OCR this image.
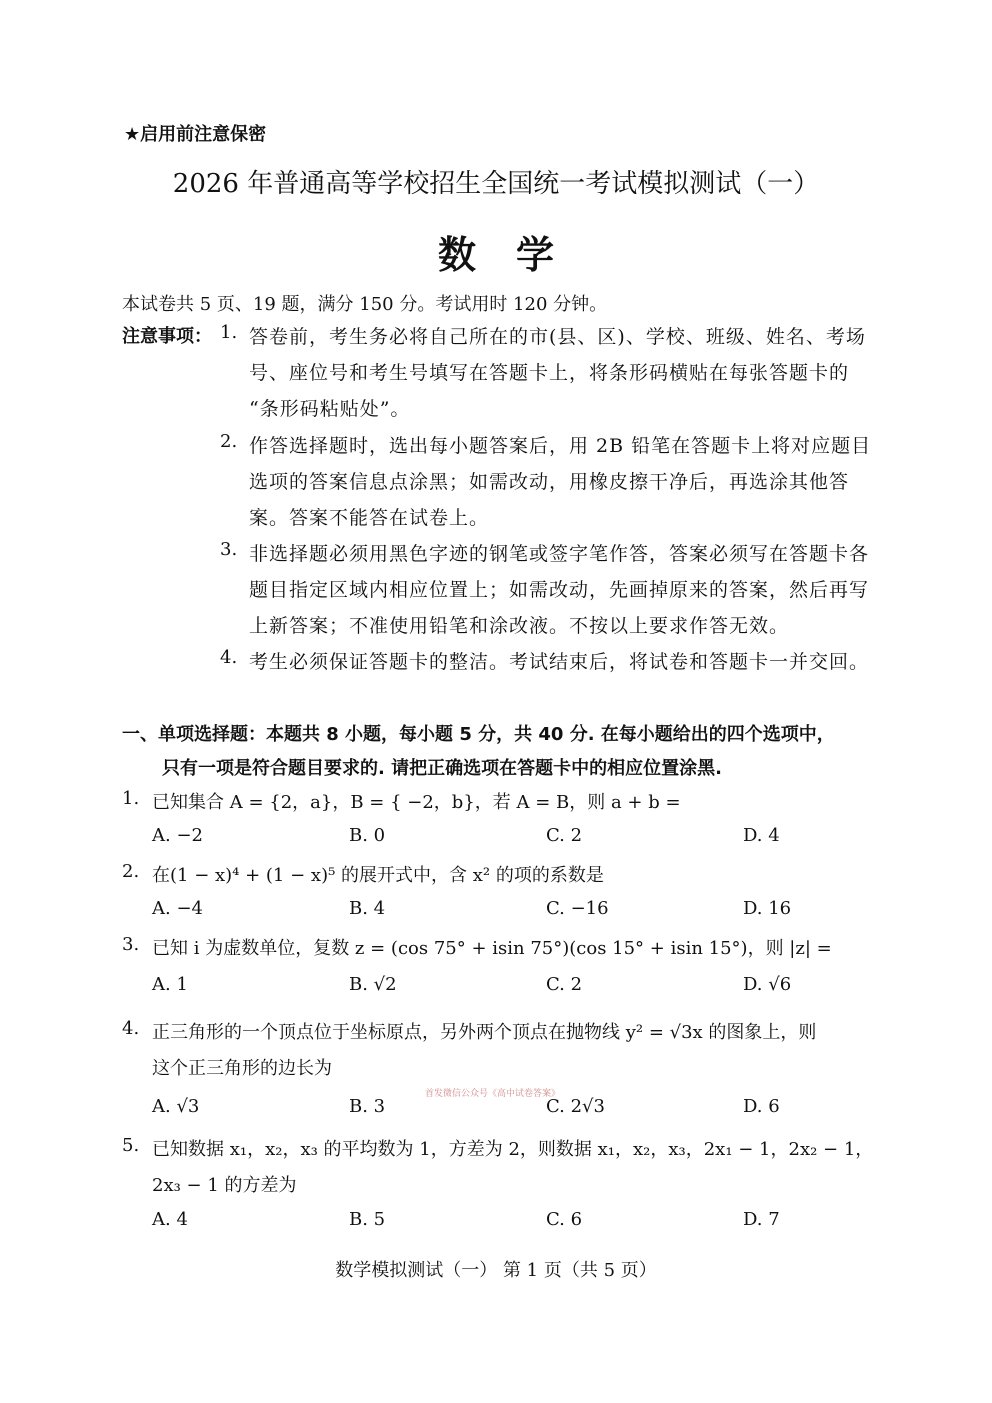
★启用前注意保密
2026 年普通高等学校招生全国统一考试模拟测试（一）
数学
本试卷共 5 页、19 题，满分 150 分。考试用时 120 分钟。
注意事项： 1. 答卷前，考生务必将自己所在的市(县、区)、学校、班级、姓名、考场
号、座位号和考生号填写在答题卡上，将条形码横贴在每张答题卡的
“条形码粘贴处”。
2. 作答选择题时，选出每小题答案后，用 2B 铅笔在答题卡上将对应题目
选项的答案信息点涂黑；如需改动，用橡皮擦干净后，再选涂其他答
案。答案不能答在试卷上。
3. 非选择题必须用黑色字迹的钢笔或签字笔作答，答案必须写在答题卡各
题目指定区域内相应位置上；如需改动，先画掉原来的答案，然后再写
上新答案；不准使用铅笔和涂改液。不按以上要求作答无效。
4. 考生必须保证答题卡的整洁。考试结束后，将试卷和答题卡一并交回。
一、单项选择题：本题共 8 小题，每小题 5 分，共 40 分. 在每小题给出的四个选项中，
只有一项是符合题目要求的. 请把正确选项在答题卡中的相应位置涂黑.
1. 已知集合 A = {2，a}，B = { −2，b}，若 A = B，则 a + b =
A. −2	B. 0	C. 2	D. 4
2. 在(1 − x)⁴ + (1 − x)⁵ 的展开式中，含 x² 的项的系数是
A. −4	B. 4	C. −16	D. 16
3. 已知 i 为虚数单位，复数 z = (cos 75° + isin 75°)(cos 15° + isin 15°)，则 |z| =
A. 1	B. √2	C. 2	D. √6
4. 正三角形的一个顶点位于坐标原点，另外两个顶点在抛物线 y² = √3x 的图象上，则
这个正三角形的边长为
首发微信公众号《高中试卷答案》
A. √3	B. 3	C. 2√3	D. 6
5. 已知数据 x₁，x₂，x₃ 的平均数为 1，方差为 2，则数据 x₁，x₂，x₃，2x₁ − 1，2x₂ − 1，
2x₃ − 1 的方差为
A. 4	B. 5	C. 6	D. 7
数学模拟测试（一） 第 1 页（共 5 页）
